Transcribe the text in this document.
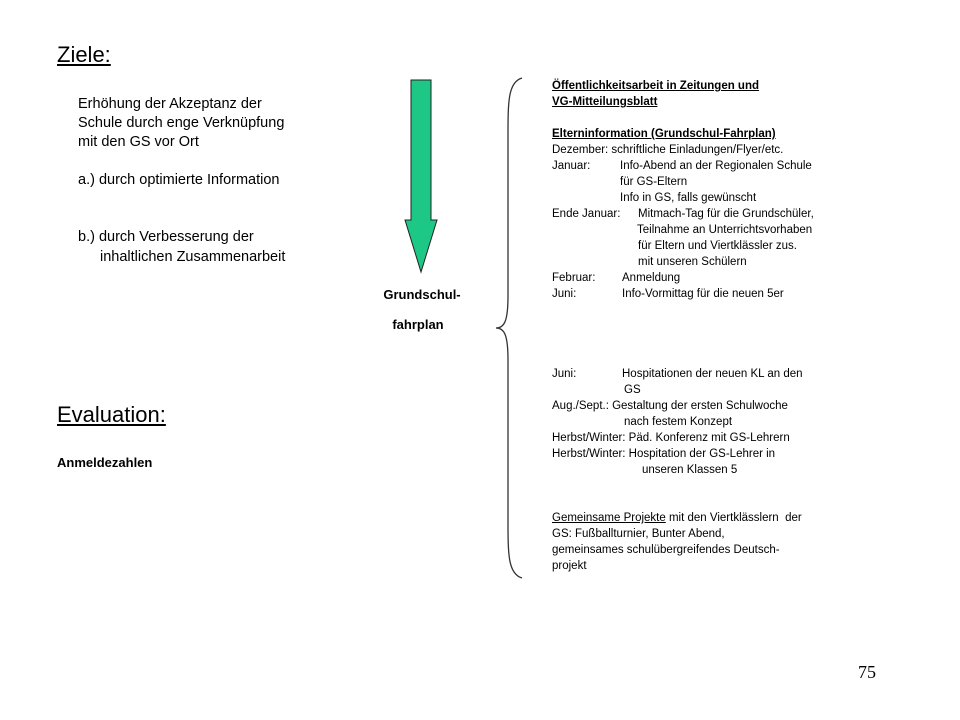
Ziele:
Erhöhung der Akzeptanz der
Schule durch enge Verknüpfung
mit den GS vor Ort
a.) durch optimierte Information
b.) durch Verbesserung der
inhaltlichen Zusammenarbeit
Evaluation:
Anmeldezahlen
Grundschul-
fahrplan
Öffentlichkeitsarbeit in Zeitungen und
VG-Mitteilungsblatt
Elterninformation (Grundschul-Fahrplan)
Dezember: schriftliche Einladungen/Flyer/etc.
Januar:	Info-Abend an der Regionalen Schule
für GS-Eltern
Info in GS, falls gewünscht
Ende Januar: Mitmach-Tag für die Grundschüler,
Teilnahme an Unterrichtsvorhaben
für Eltern und Viertklässler zus.
mit unseren Schülern
Februar: Anmeldung
Juni:	Info-Vormittag für die neuen 5er
Juni:	Hospitationen der neuen KL an den
GS
Aug./Sept.: Gestaltung der ersten Schulwoche
nach festem Konzept
Herbst/Winter: Päd. Konferenz mit GS-Lehrern
Herbst/Winter: Hospitation der GS-Lehrer in
unseren Klassen 5
Gemeinsame Projekte mit den Viertklässlern  der
GS: Fußballturnier, Bunter Abend,
gemeinsames schulübergreifendes Deutsch-
projekt
75
